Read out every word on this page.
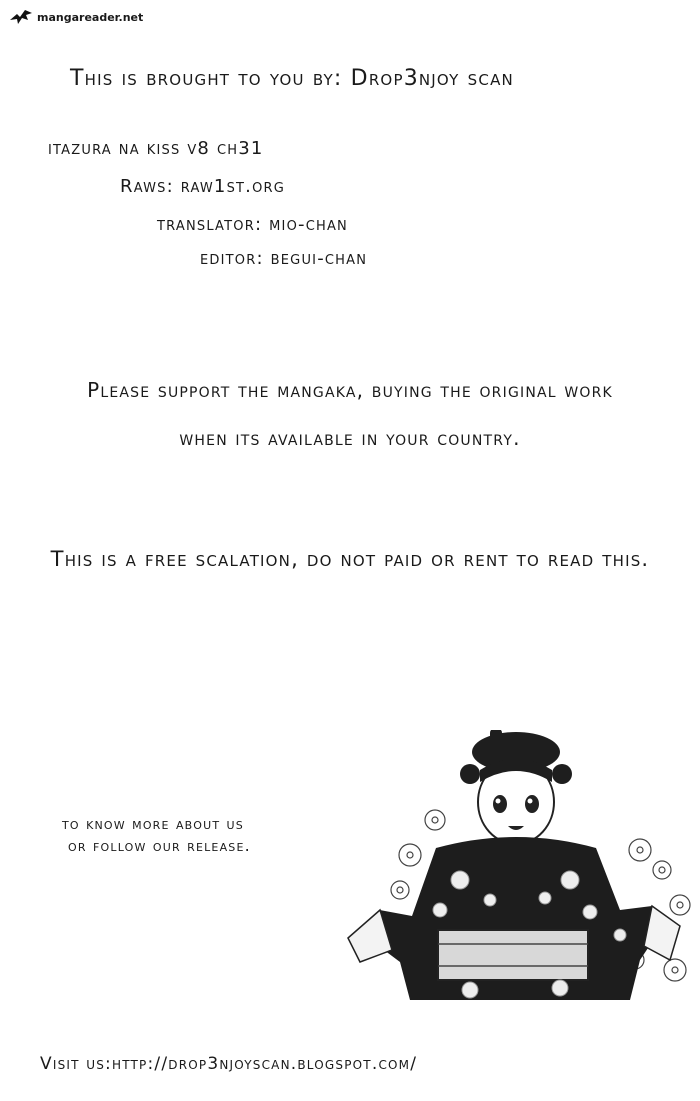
mangareader.net
This is brought to you by: Drop3njoy scan
itazura na kiss v8 ch31
Raws: raw1st.org
translator: mio-chan
editor: begui-chan
Please support the mangaka, buying the original work
when its available in your country.
This is a free scalation, do not paid or rent to read this.
to know more about us
or follow our release.
Visit us:http://drop3njoyscan.blogspot.com/
